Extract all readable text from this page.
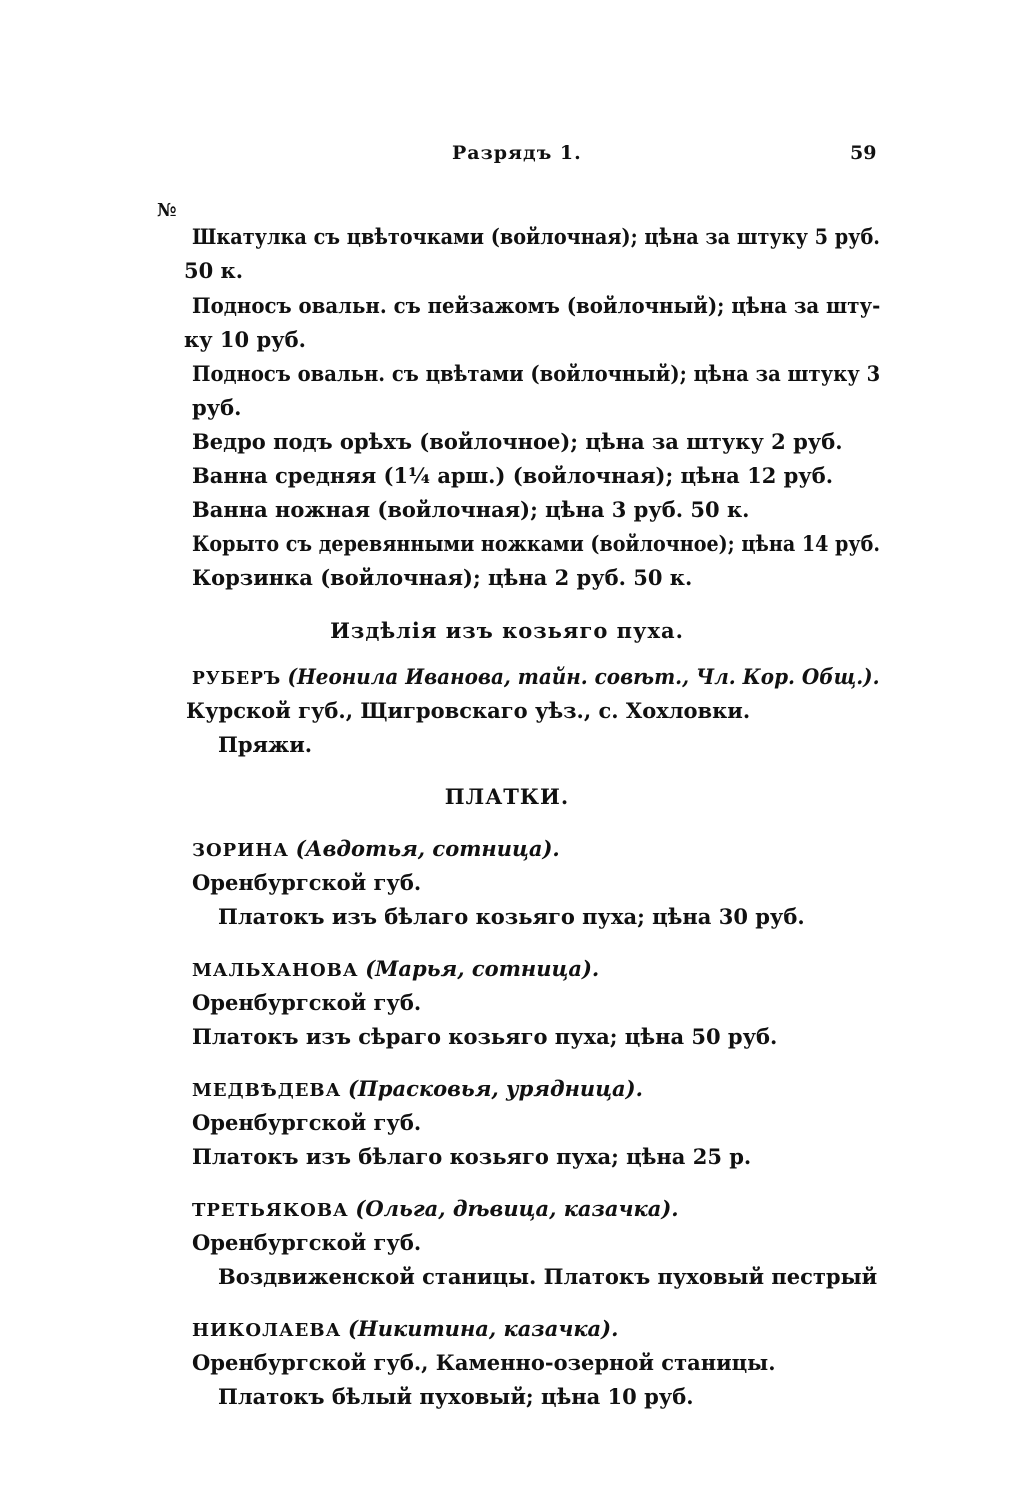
Разрядъ 1.	59
№
Шкатулка съ цвѣточками (войлочная); цѣна за штуку 5 руб.
50 к.
Подносъ овальн. съ пейзажомъ (войлочный); цѣна за шту-
ку 10 руб.
Подносъ овальн. съ цвѣтами (войлочный); цѣна за штуку 3
руб.
Ведро подъ орѣхъ (войлочное); цѣна за штуку 2 руб.
Ванна средняя (1¼ арш.) (войлочная); цѣна 12 руб.
Ванна ножная (войлочная); цѣна 3 руб. 50 к.
Корыто съ деревянными ножками (войлочное); цѣна 14 руб.
Корзинка (войлочная); цѣна 2 руб. 50 к.
Издѣлія изъ козьяго пуха.
РУБЕРЪ (Неонила Иванова, тайн. совѣт., Чл. Кор. Общ.).
Курской губ., Щигровскаго уѣз., с. Хохловки.
Пряжи.
ПЛАТКИ.
ЗОРИНА (Авдотья, сотница).
Оренбургской губ.
Платокъ изъ бѣлаго козьяго пуха; цѣна 30 руб.
МАЛЬХАНОВА (Марья, сотница).
Оренбургской губ.
Платокъ изъ сѣраго козьяго пуха; цѣна 50 руб.
МЕДВѢДЕВА (Прасковья, урядница).
Оренбургской губ.
Платокъ изъ бѣлаго козьяго пуха; цѣна 25 р.
ТРЕТЬЯКОВА (Ольга, дѣвица, казачка).
Оренбургской губ.
Воздвиженской станицы. Платокъ пуховый пестрый
НИКОЛАЕВА (Никитина, казачка).
Оренбургской губ., Каменно-озерной станицы.
Платокъ бѣлый пуховый; цѣна 10 руб.
